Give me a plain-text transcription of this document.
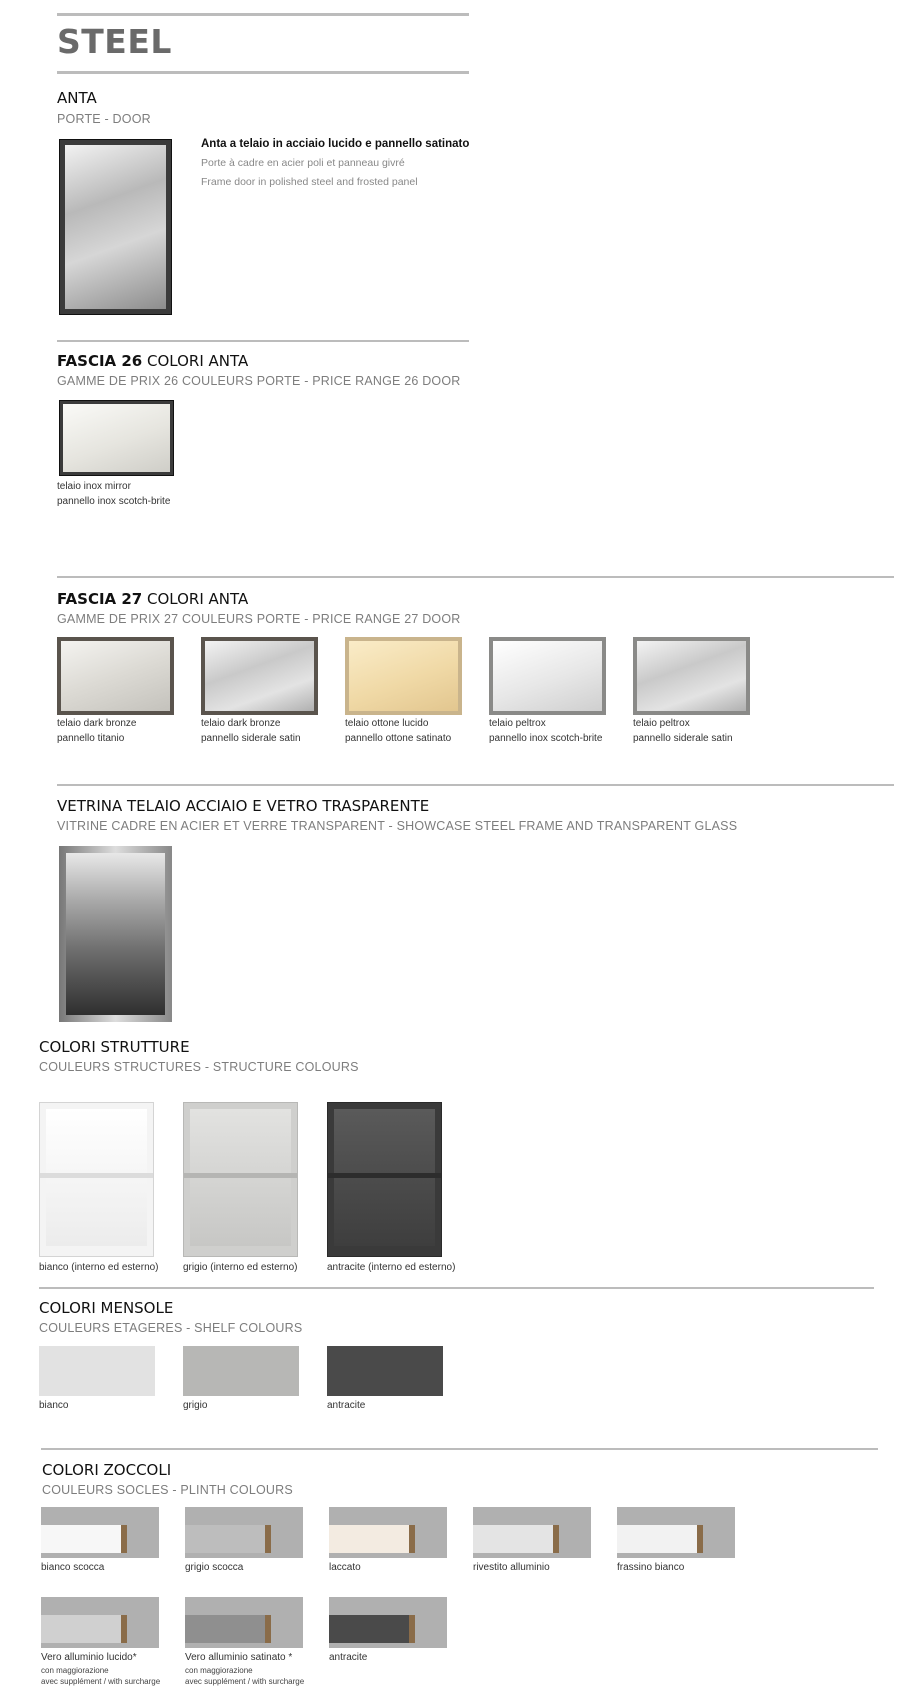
STEEL
ANTA
PORTE - DOOR
Anta a telaio in acciaio lucido e pannello satinato
Porte à cadre en acier poli et panneau givré
Frame door in polished steel and frosted panel
FASCIA 26 COLORI ANTA
GAMME DE PRIX 26 COULEURS PORTE - PRICE RANGE 26 DOOR
telaio inox mirror
pannello inox scotch-brite
FASCIA 27 COLORI ANTA
GAMME DE PRIX 27 COULEURS PORTE - PRICE RANGE 27 DOOR
telaio dark bronze
pannello titanio
telaio dark bronze
pannello siderale satin
telaio ottone lucido
pannello ottone satinato
telaio peltrox
pannello inox scotch-brite
telaio peltrox
pannello siderale satin
VETRINA TELAIO ACCIAIO E VETRO TRASPARENTE
VITRINE CADRE EN ACIER ET VERRE TRANSPARENT - SHOWCASE STEEL FRAME AND TRANSPARENT GLASS
COLORI STRUTTURE
COULEURS STRUCTURES - STRUCTURE COLOURS
bianco (interno ed esterno) grigio (interno ed esterno)	antracite (interno ed esterno)
COLORI MENSOLE
COULEURS ETAGERES - SHELF COLOURS
bianco	grigio	antracite
COLORI ZOCCOLI
COULEURS SOCLES - PLINTH COLOURS
bianco scocca	grigio scocca	laccato	rivestito alluminio	frassino bianco
Vero alluminio lucido*
con maggiorazione
avec supplément / with surcharge
Vero alluminio satinato *
con maggiorazione
avec supplément / with surcharge
antracite
